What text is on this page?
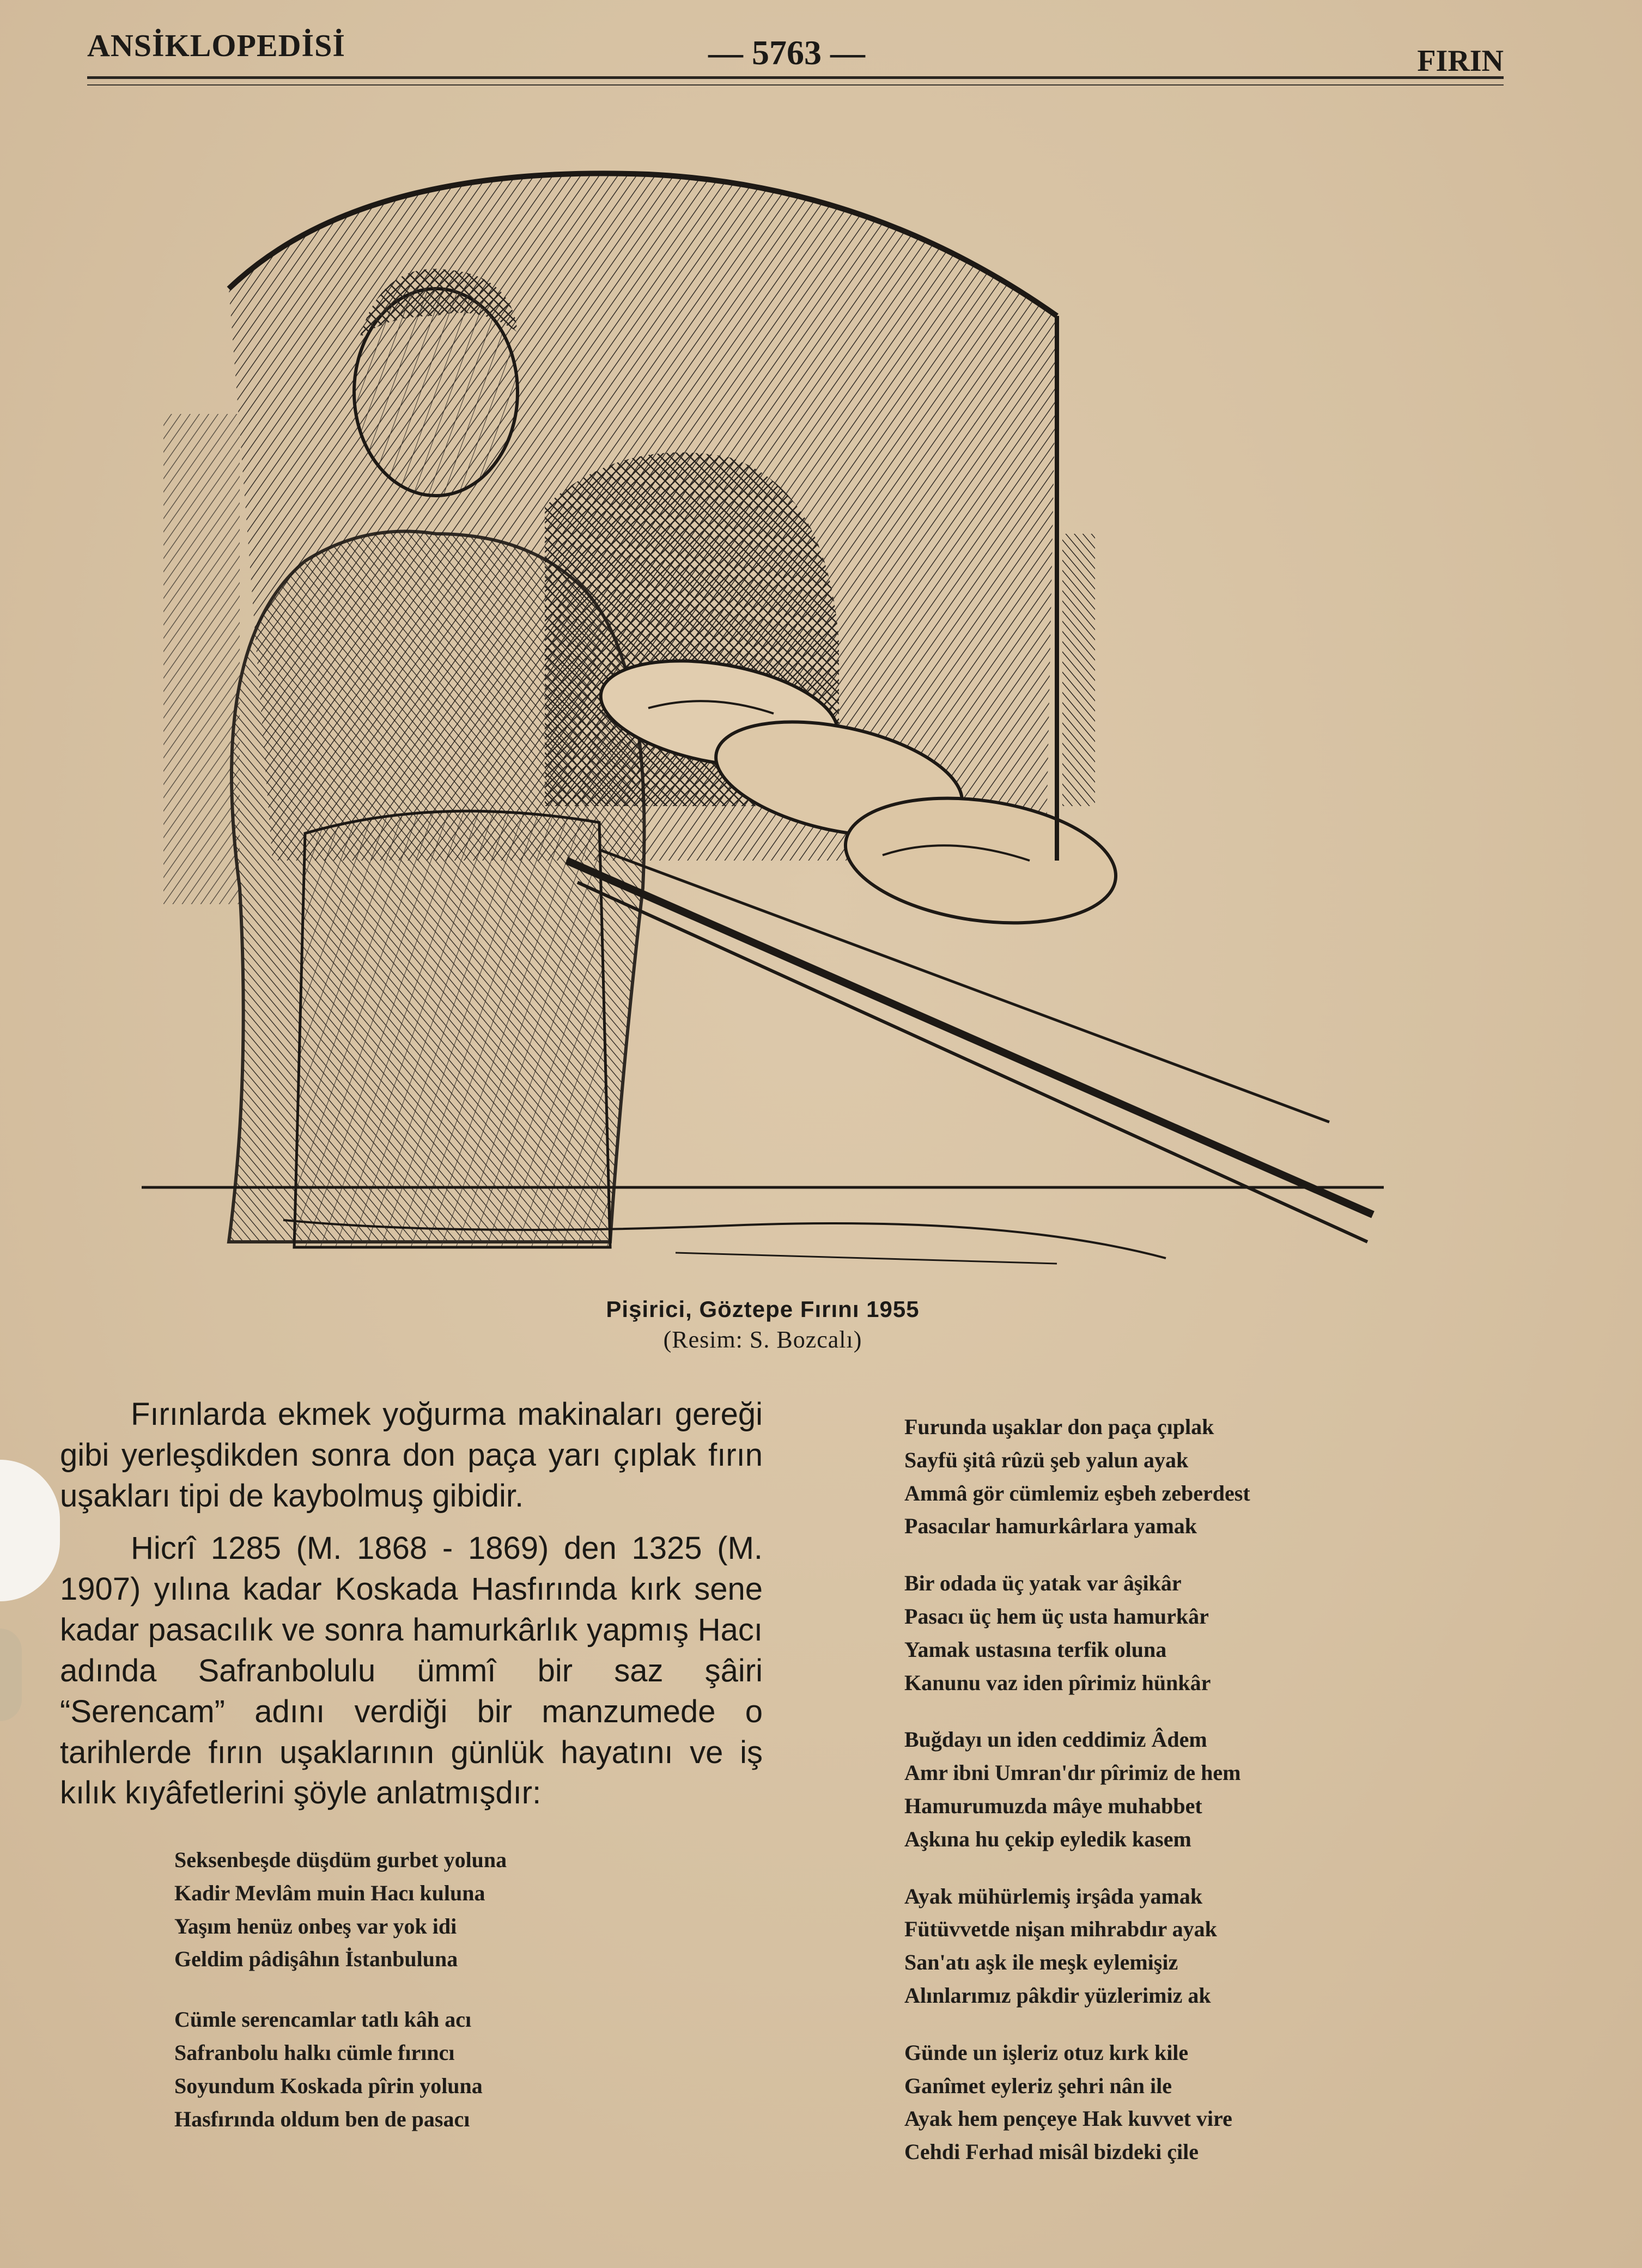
ANSİKLOPEDİSİ	— 5763 —	FIRIN
Pişirici, Göztepe Fırını 1955
(Resim: S. Bozcalı)

Fırınlarda ekmek yoğurma makinaları gereği gibi yerleşdikden sonra don paça yarı çıplak fırın uşakları tipi de kaybolmuş gibidir.

Hicrî 1285 (M. 1868 - 1869) den 1325 (M. 1907) yılına kadar Koskada Hasfırında kırk sene kadar pasacılık ve sonra hamurkârlık yapmış Hacı adında Safranbolulu ümmî bir saz şâiri “Serencam” adını verdiği bir manzumede o tarihlerde fırın uşaklarının günlük hayatını ve iş kılık kıyâfetlerini şöyle anlatmışdır:

Seksenbeşde düşdüm gurbet yoluna
Kadir Mevlâm muin Hacı kuluna
Yaşım henüz onbeş var yok idi
Geldim pâdişâhın İstanbuluna
Cümle serencamlar tatlı kâh acı
Safranbolu halkı cümle fırıncı
Soyundum Koskada pîrin yoluna
Hasfırında oldum ben de pasacı
Furunda uşaklar don paça çıplak
Sayfü şitâ rûzü şeb yalun ayak
Ammâ gör cümlemiz eşbeh zeberdest
Pasacılar hamurkârlara yamak
Bir odada üç yatak var âşikâr
Pasacı üç hem üç usta hamurkâr
Yamak ustasına terfik oluna
Kanunu vaz iden pîrimiz hünkâr
Buğdayı un iden ceddimiz Âdem
Amr ibni Umran'dır pîrimiz de hem
Hamurumuzda mâye muhabbet
Aşkına hu çekip eyledik kasem
Ayak mühürlemiş irşâda yamak
Fütüvvetde nişan mihrabdır ayak
San'atı aşk ile meşk eylemişiz
Alınlarımız pâkdir yüzlerimiz ak
Günde un işleriz otuz kırk kile
Ganîmet eyleriz şehri nân ile
Ayak hem pençeye Hak kuvvet vire
Cehdi Ferhad misâl bizdeki çile
